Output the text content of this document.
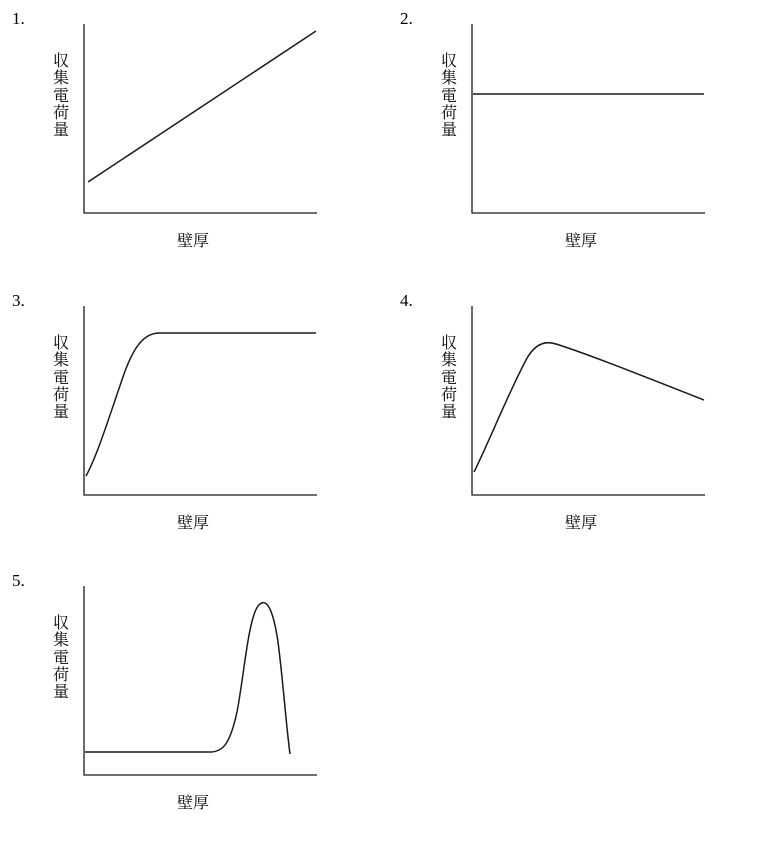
1.
収
集
電
荷
量
壁厚
2.
収
集
電
荷
量
壁厚
3.
収
集
電
荷
量
壁厚
4.
収
集
電
荷
量
壁厚
5.
収
集
電
荷
量
壁厚
